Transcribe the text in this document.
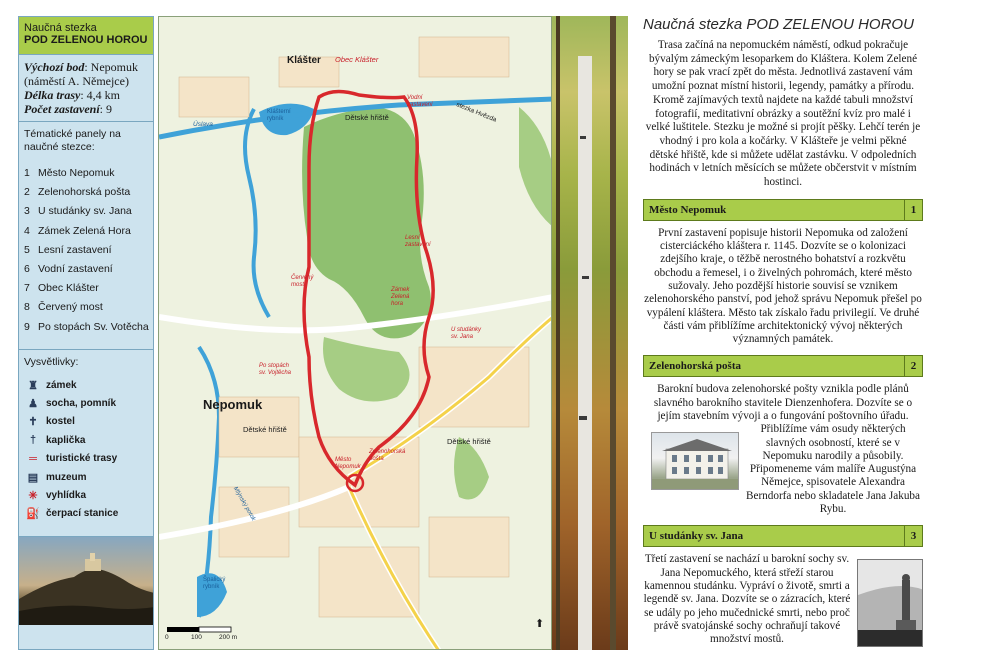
Naučná stezka
POD ZELENOU HOROU
Výchozí bod: Nepomuk
(náměstí A. Němejce)
Délka trasy: 4,4 km
Počet zastavení: 9
Tématické panely na naučné stezce:
1 Město Nepomuk
2 Zelenohorská pošta
3 U studánky sv. Jana
4 Zámek Zelená Hora
5 Lesní zastavení
6 Vodní zastavení
7 Obec Klášter
8 Červený most
9 Po stopách Sv. Votěcha
Vysvětlivky:
♜ zámek
♟ socha, pomník
✝ kostel
† kaplička
═ turistické trasy
▤ muzeum
✳ vyhlídka
⛽ čerpací stanice
Klášter Obec Klášter
Klášterní rybník	Dětské hřiště
Vodní zastavení	stezka Hvězda
Úslava
Lesní zastavení
Červený most
Zámek Zelená hora
U studánky sv. Jana
Po stopách sv. Vojtěcha
Nepomuk
Dětské hřiště
Dětské hřiště
Město Nepomuk
Zelenohorská pošta
Mlýnský potok
Špalický rybník
0	100	200 m
⬆
Naučná stezka POD ZELENOU HOROU
Trasa začíná na nepomuckém náměstí, odkud pokračuje bývalým zámeckým lesoparkem do Kláštera. Kolem Zelené hory se pak vrací zpět do města. Jednotlivá zastavení vám umožní poznat místní historii, legendy, památky a přírodu. Kromě zajímavých textů najdete na každé tabuli množství fotografií, meditativní obrázky a soutěžní kvíz pro malé i velké luštitele. Stezku je možné si projít pěšky. Lehčí terén je vhodný i pro kola a kočárky. V Klášteře je velmi pěkné dětské hřiště, kde si můžete udělat zastávku. V odpoledních hodinách v letních měsících se můžete občerstvit v místním hostinci.
Město Nepomuk	1
První zastavení popisuje historii Nepomuka od založení cisterciáckého kláštera r. 1145. Dozvíte se o kolonizaci zdejšího kraje, o těžbě nerostného bohatství a rozkvětu obchodu a řemesel, i o živelných pohromách, které město sužovaly. Jeho pozdější historie souvisí se vznikem zelenohorského panství, pod jehož správu Nepomuk přešel po vypálení kláštera. Město tak získalo řadu privilegií. Ve druhé části vám přiblížíme architektonický vývoj některých významných památek.
Zelenohorská pošta	2
Barokní budova zelenohorské pošty vznikla podle plánů slavného barokního stavitele Dienzenhofera. Dozvíte se o jejím stavebním vývoji a o fungování poštovního úřadu.
Přiblížíme vám osudy některých slavných osobností, které se v Nepomuku narodily a působily. Připomeneme vám malíře Augustýna Němejce, spisovatele Alexandra Berndorfa nebo skladatele Jana Jakuba Rybu.
U studánky sv. Jana	3
Třetí zastavení se nachází u barokní sochy sv. Jana Nepomuckého, která střeží starou kamennou studánku. Vypráví o životě, smrti a legendě sv. Jana. Dozvíte se o zázracích, které se udály po jeho mučednické smrti, nebo proč právě svatojánské sochy ochraňují takové množství mostů.
